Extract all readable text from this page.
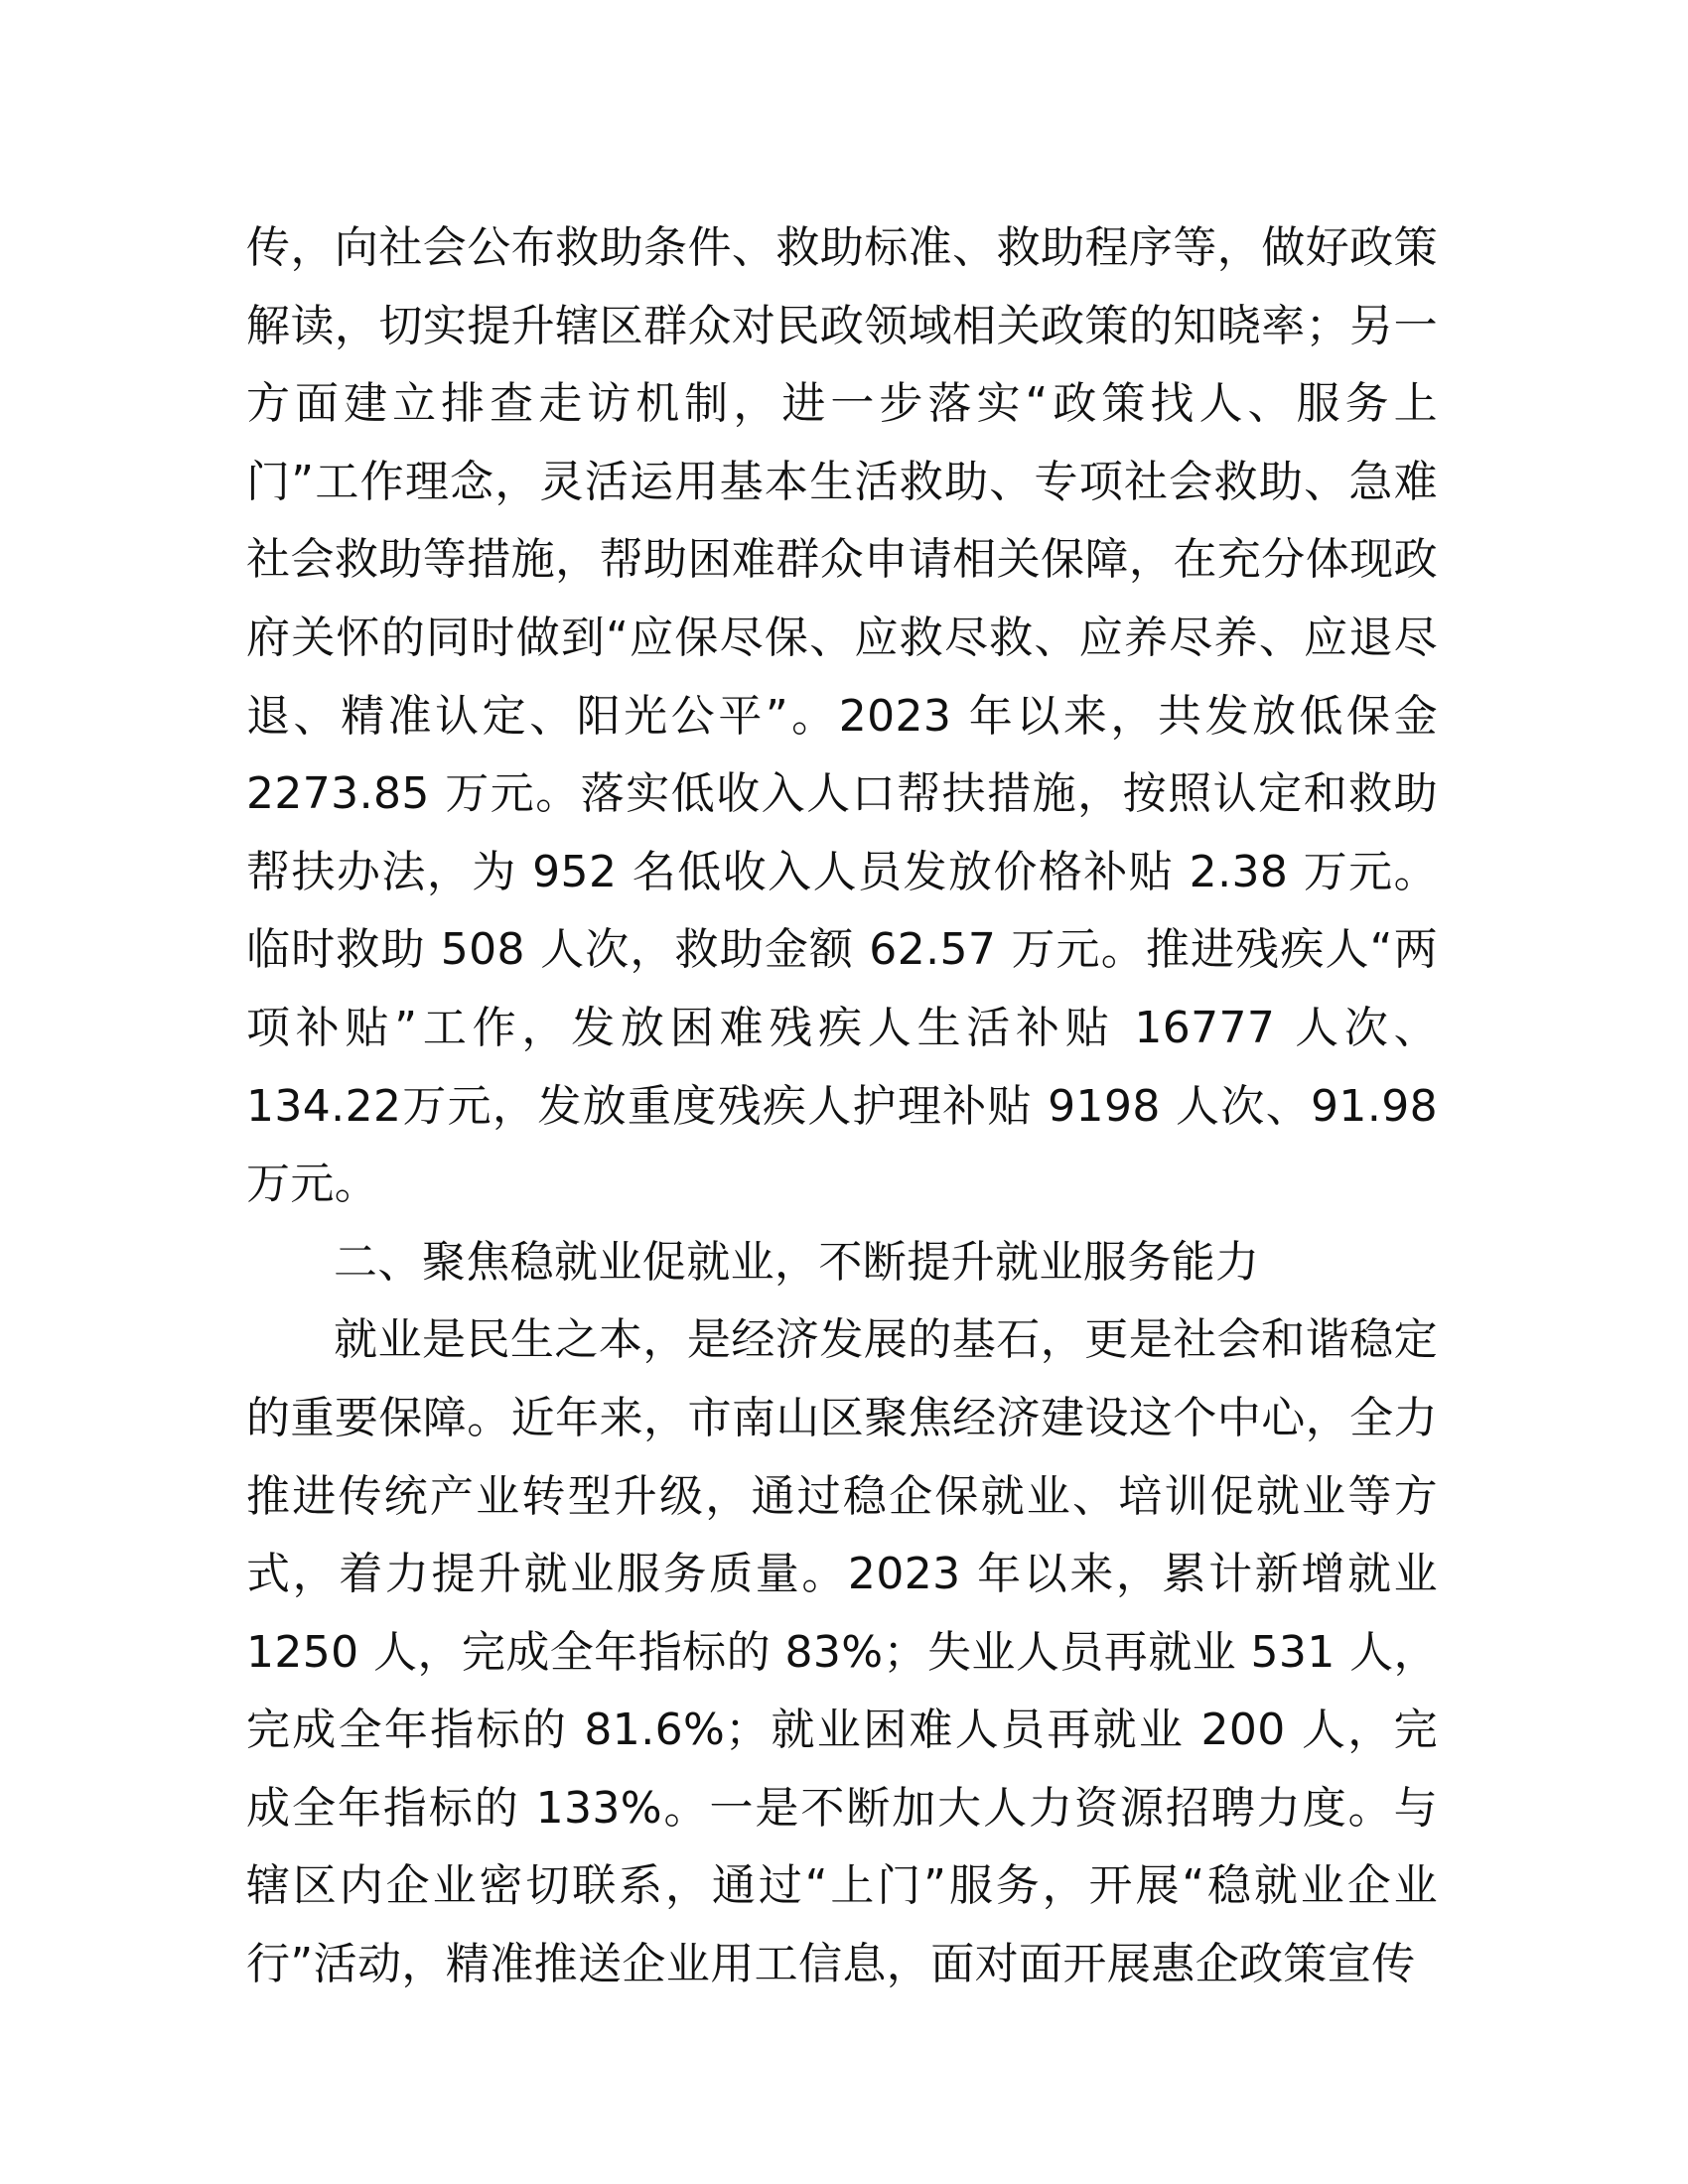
传，向社会公布救助条件、救助标准、救助程序等，做好政策解读，切实提升辖区群众对民政领域相关政策的知晓率；另一方面建立排查走访机制，进一步落实“政策找人、服务上门”工作理念，灵活运用基本生活救助、专项社会救助、急难社会救助等措施，帮助困难群众申请相关保障，在充分体现政府关怀的同时做到“应保尽保、应救尽救、应养尽养、应退尽退、精准认定、阳光公平”。2023 年以来，共发放低保金2273.85 万元。落实低收入人口帮扶措施，按照认定和救助帮扶办法，为 952 名低收入人员发放价格补贴 2.38 万元。临时救助 508 人次，救助金额 62.57 万元。推进残疾人“两项补贴”工作，发放困难残疾人生活补贴 16777 人次、134.22万元，发放重度残疾人护理补贴 9198 人次、91.98 万元。

二、聚焦稳就业促就业，不断提升就业服务能力

就业是民生之本，是经济发展的基石，更是社会和谐稳定的重要保障。近年来，市南山区聚焦经济建设这个中心，全力推进传统产业转型升级，通过稳企保就业、培训促就业等方式，着力提升就业服务质量。2023 年以来，累计新增就业1250 人，完成全年指标的 83%；失业人员再就业 531 人，完成全年指标的 81.6%；就业困难人员再就业 200 人，完成全年指标的 133%。一是不断加大人力资源招聘力度。与辖区内企业密切联系，通过“上门”服务，开展“稳就业企业行”活动，精准推送企业用工信息，面对面开展惠企政策宣传
